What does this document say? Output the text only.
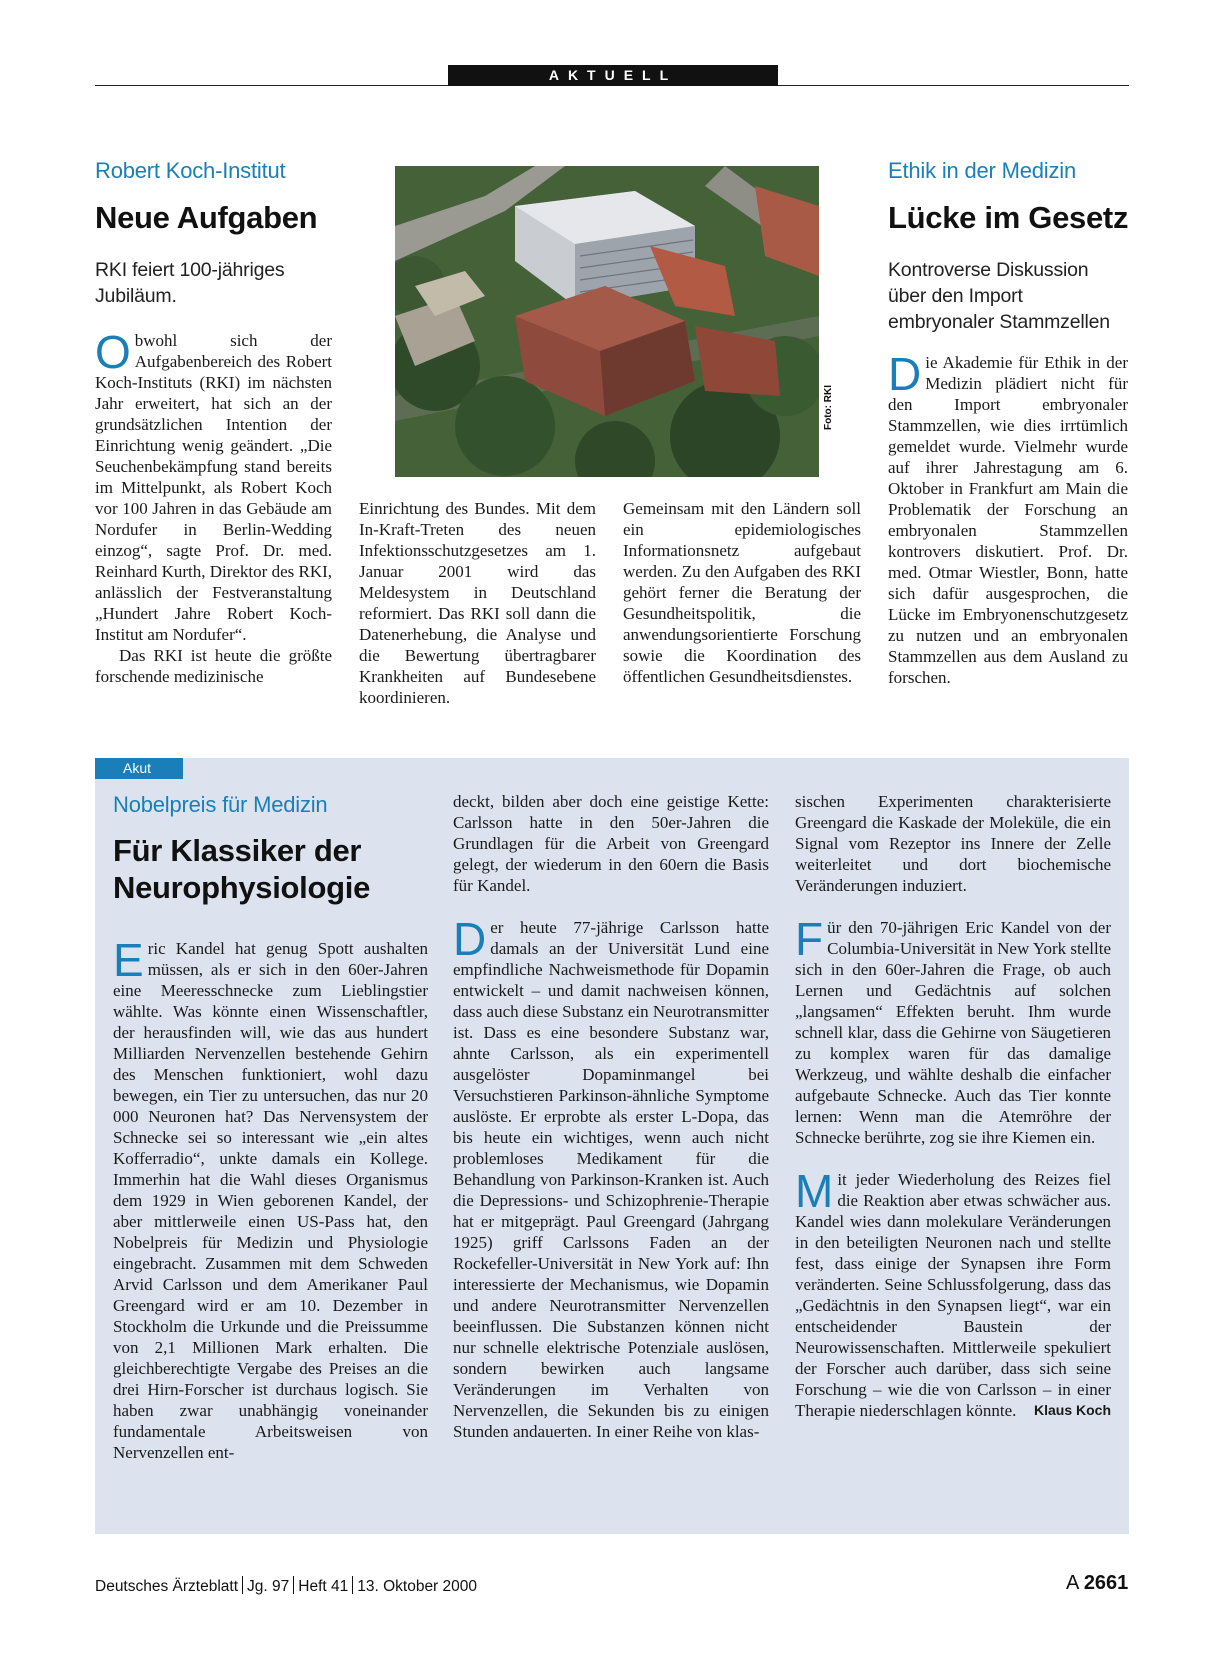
AKTUELL
Robert Koch-Institut
Neue Aufgaben
RKI feiert 100-jähriges Jubiläum.

Obwohl sich der Aufgabenbereich des Robert Koch-Instituts (RKI) im nächsten Jahr erweitert, hat sich an der grundsätzlichen Intention der Einrichtung wenig geändert. „Die Seuchenbekämpfung stand bereits im Mittelpunkt, als Robert Koch vor 100 Jahren in das Gebäude am Nordufer in Berlin-Wedding einzog“, sagte Prof. Dr. med. Reinhard Kurth, Direktor des RKI, anlässlich der Festveranstaltung „Hundert Jahre Robert Koch-Institut am Nordufer“.

Das RKI ist heute die größte forschende medizinische

Foto: RKI
Einrichtung des Bundes. Mit dem In-Kraft-Treten des neuen Infektionsschutzgesetzes am 1. Januar 2001 wird das Meldesystem in Deutschland reformiert. Das RKI soll dann die Datenerhebung, die Analyse und die Bewertung übertragbarer Krankheiten auf Bundesebene koordinieren.
Gemeinsam mit den Ländern soll ein epidemiologisches Informationsnetz aufgebaut werden. Zu den Aufgaben des RKI gehört ferner die Beratung der Gesundheitspolitik, die anwendungsorientierte Forschung sowie die Koordination des öffentlichen Gesundheitsdienstes.
Ethik in der Medizin
Lücke im Gesetz
Kontroverse Diskussion über den Import embryonaler Stammzellen

Die Akademie für Ethik in der Medizin plädiert nicht für den Import embryonaler Stammzellen, wie dies irrtümlich gemeldet wurde. Vielmehr wurde auf ihrer Jahrestagung am 6. Oktober in Frankfurt am Main die Problematik der Forschung an embryonalen Stammzellen kontrovers diskutiert. Prof. Dr. med. Otmar Wiestler, Bonn, hatte sich dafür ausgesprochen, die Lücke im Embryonenschutzgesetz zu nutzen und an embryonalen Stammzellen aus dem Ausland zu forschen.

Akut
Nobelpreis für Medizin
Für Klassiker der
Neurophysiologie

Eric Kandel hat genug Spott aushalten müssen, als er sich in den 60er-Jahren eine Meeresschnecke zum Lieblingstier wählte. Was könnte einen Wissenschaftler, der herausfinden will, wie das aus hundert Milliarden Nervenzellen bestehende Gehirn des Menschen funktioniert, wohl dazu bewegen, ein Tier zu untersuchen, das nur 20 000 Neuronen hat? Das Nervensystem der Schnecke sei so interessant wie „ein altes Kofferradio“, unkte damals ein Kollege. Immerhin hat die Wahl dieses Organismus dem 1929 in Wien geborenen Kandel, der aber mittlerweile einen US-Pass hat, den Nobelpreis für Medizin und Physiologie eingebracht. Zusammen mit dem Schweden Arvid Carlsson und dem Amerikaner Paul Greengard wird er am 10. Dezember in Stockholm die Urkunde und die Preissumme von 2,1 Millionen Mark erhalten. Die gleichberechtigte Vergabe des Preises an die drei Hirn-Forscher ist durchaus logisch. Sie haben zwar unabhängig voneinander fundamentale Arbeitsweisen von Nervenzellen ent-

deckt, bilden aber doch eine geistige Kette: Carlsson hatte in den 50er-Jahren die Grundlagen für die Arbeit von Greengard gelegt, der wiederum in den 60ern die Basis für Kandel.

Der heute 77-jährige Carlsson hatte damals an der Universität Lund eine empfindliche Nachweismethode für Dopamin entwickelt – und damit nachweisen können, dass auch diese Substanz ein Neurotransmitter ist. Dass es eine besondere Substanz war, ahnte Carlsson, als ein experimentell ausgelöster Dopaminmangel bei Versuchstieren Parkinson-ähnliche Symptome auslöste. Er erprobte als erster L-Dopa, das bis heute ein wichtiges, wenn auch nicht problemloses Medikament für die Behandlung von Parkinson-Kranken ist. Auch die Depressions- und Schizophrenie-Therapie hat er mitgeprägt. Paul Greengard (Jahrgang 1925) griff Carlssons Faden an der Rockefeller-Universität in New York auf: Ihn interessierte der Mechanismus, wie Dopamin und andere Neurotransmitter Nervenzellen beeinflussen. Die Substanzen können nicht nur schnelle elektrische Potenziale auslösen, sondern bewirken auch langsame Veränderungen im Verhalten von Nervenzellen, die Sekunden bis zu einigen Stunden andauerten. In einer Reihe von klas-

sischen Experimenten charakterisierte Greengard die Kaskade der Moleküle, die ein Signal vom Rezeptor ins Innere der Zelle weiterleitet und dort biochemische Veränderungen induziert.

Für den 70-jährigen Eric Kandel von der Columbia-Universität in New York stellte sich in den 60er-Jahren die Frage, ob auch Lernen und Gedächtnis auf solchen „langsamen“ Effekten beruht. Ihm wurde schnell klar, dass die Gehirne von Säugetieren zu komplex waren für das damalige Werkzeug, und wählte deshalb die einfacher aufgebaute Schnecke. Auch das Tier konnte lernen: Wenn man die Atemröhre der Schnecke berührte, zog sie ihre Kiemen ein.

Mit jeder Wiederholung des Reizes fiel die Reaktion aber etwas schwächer aus. Kandel wies dann molekulare Veränderungen in den beteiligten Neuronen nach und stellte fest, dass einige der Synapsen ihre Form veränderten. Seine Schlussfolgerung, dass das „Gedächtnis in den Synapsen liegt“, war ein entscheidender Baustein der Neurowissenschaften. Mittlerweile spekuliert der Forscher auch darüber, dass sich seine Forschung – wie die von Carlsson – in einer Therapie niederschlagen könnte. Klaus Koch

Deutsches Ärzteblatt Jg. 97 Heft 41 13. Oktober 2000	A 2661
